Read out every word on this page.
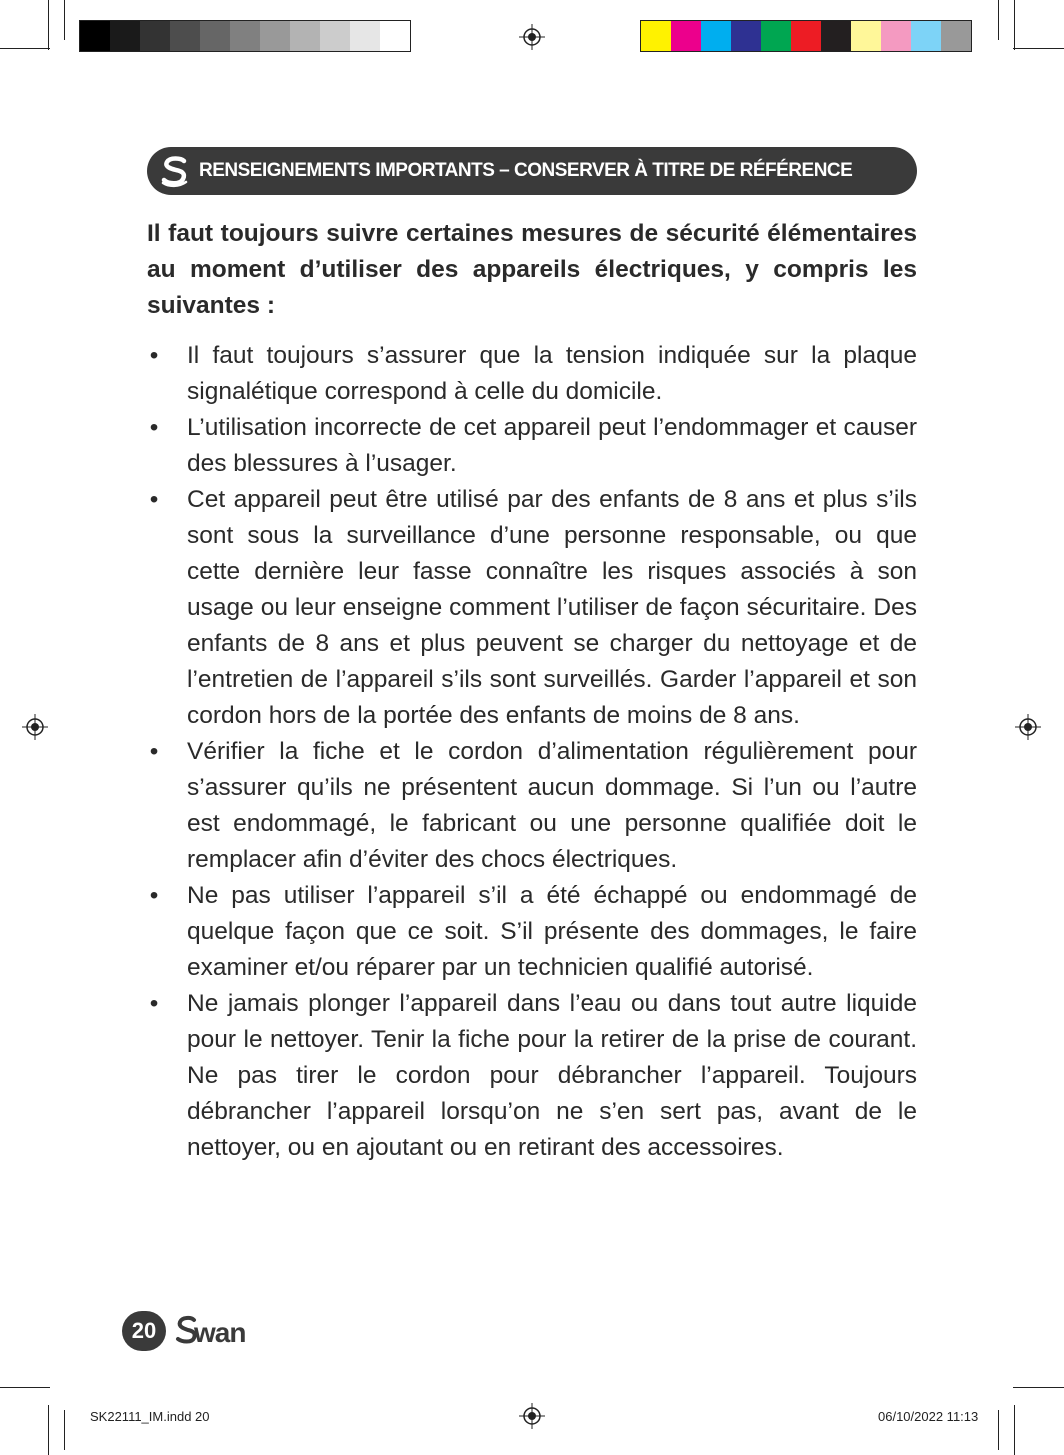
RENSEIGNEMENTS IMPORTANTS – CONSERVER À TITRE DE RÉFÉRENCE

Il faut toujours suivre certaines mesures de sécurité élémentaires au moment d’utiliser des appareils électriques, y compris les suivantes :

• Il faut toujours s’assurer que la tension indiquée sur la plaque signalétique correspond à celle du domicile.
• L’utilisation incorrecte de cet appareil peut l’endommager et causer des blessures à l’usager.
• Cet appareil peut être utilisé par des enfants de 8 ans et plus s’ils sont sous la surveillance d’une personne responsable, ou que cette dernière leur fasse connaître les risques associés à son usage ou leur enseigne comment l’utiliser de façon sécuritaire. Des enfants de 8 ans et plus peuvent se charger du nettoyage et de l’entretien de l’appareil s’ils sont surveillés. Garder l’appareil et son cordon hors de la portée des enfants de moins de 8 ans.
• Vérifier la fiche et le cordon d’alimentation régulièrement pour s’assurer qu’ils ne présentent aucun dommage. Si l’un ou l’autre est endommagé, le fabricant ou une personne qualifiée doit le remplacer afin d’éviter des chocs électriques.
• Ne pas utiliser l’appareil s’il a été échappé ou endommagé de quelque façon que ce soit. S’il présente des dommages, le faire examiner et/ou réparer par un technicien qualifié autorisé.
• Ne jamais plonger l’appareil dans l’eau ou dans tout autre liquide pour le nettoyer. Tenir la fiche pour la retirer de la prise de courant. Ne pas tirer le cordon pour débrancher l’appareil. Toujours débrancher l’appareil lorsqu’on ne s’en sert pas, avant de le nettoyer, ou en ajoutant ou en retirant des accessoires.
20	wan
SK22111_IM.indd 20	06/10/2022 11:13
